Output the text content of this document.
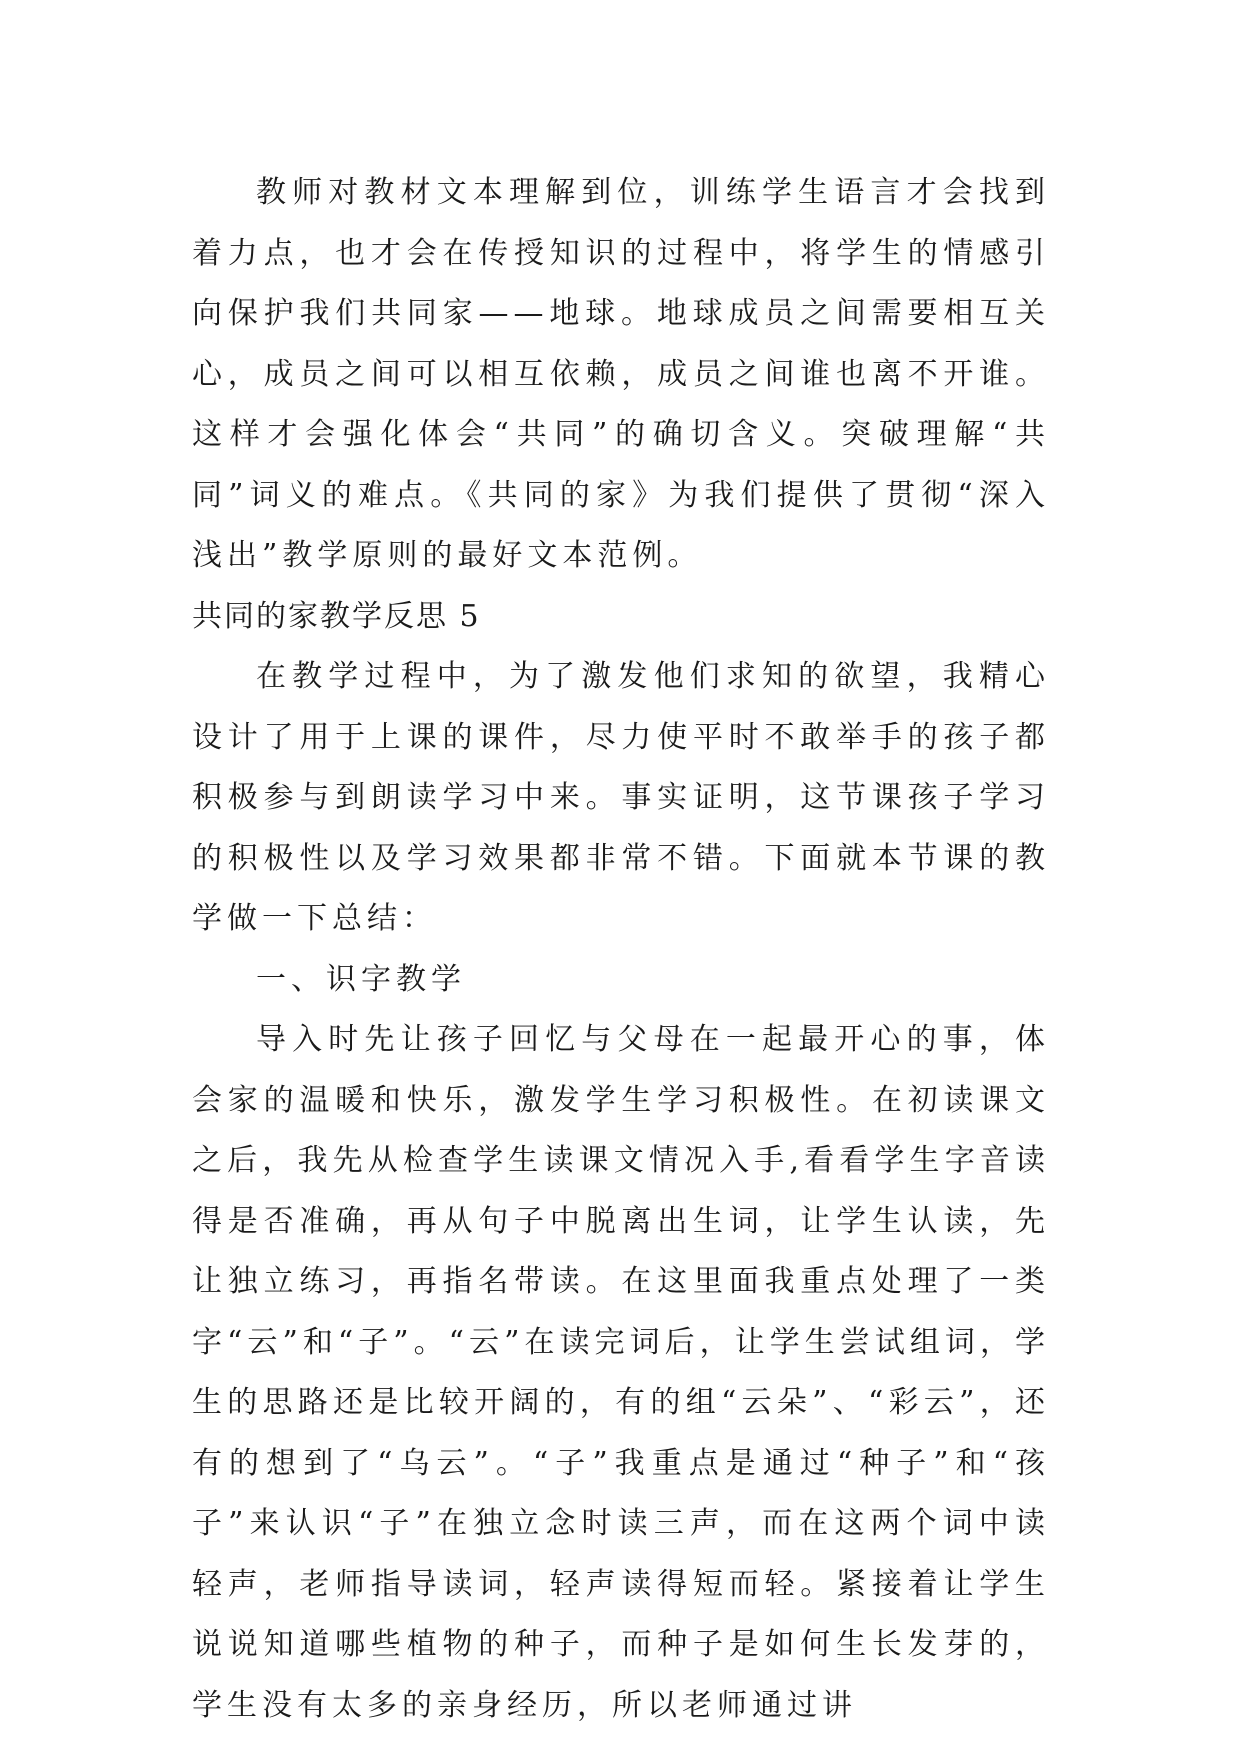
教师对教材文本理解到位，训练学生语言才会找到着力点，也才会在传授知识的过程中，将学生的情感引向保护我们共同家——地球。地球成员之间需要相互关心，成员之间可以相互依赖，成员之间谁也离不开谁。这样才会强化体会“共同”的确切含义。突破理解“共同”词义的难点。《共同的家》为我们提供了贯彻“深入浅出”教学原则的最好文本范例。

共同的家教学反思 5

在教学过程中，为了激发他们求知的欲望，我精心设计了用于上课的课件，尽力使平时不敢举手的孩子都积极参与到朗读学习中来。事实证明，这节课孩子学习的积极性以及学习效果都非常不错。下面就本节课的教学做一下总结：

一、识字教学

导入时先让孩子回忆与父母在一起最开心的事，体会家的温暖和快乐，激发学生学习积极性。在初读课文之后，我先从检查学生读课文情况入手,看看学生字音读得是否准确，再从句子中脱离出生词，让学生认读，先让独立练习，再指名带读。在这里面我重点处理了一类字“云”和“子”。“云”在读完词后，让学生尝试组词，学生的思路还是比较开阔的，有的组“云朵”、“彩云”，还有的想到了“乌云”。“子”我重点是通过“种子”和“孩子”来认识“子”在独立念时读三声，而在这两个词中读轻声，老师指导读词，轻声读得短而轻。紧接着让学生说说知道哪些植物的种子，而种子是如何生长发芽的，学生没有太多的亲身经历，所以老师通过讲
